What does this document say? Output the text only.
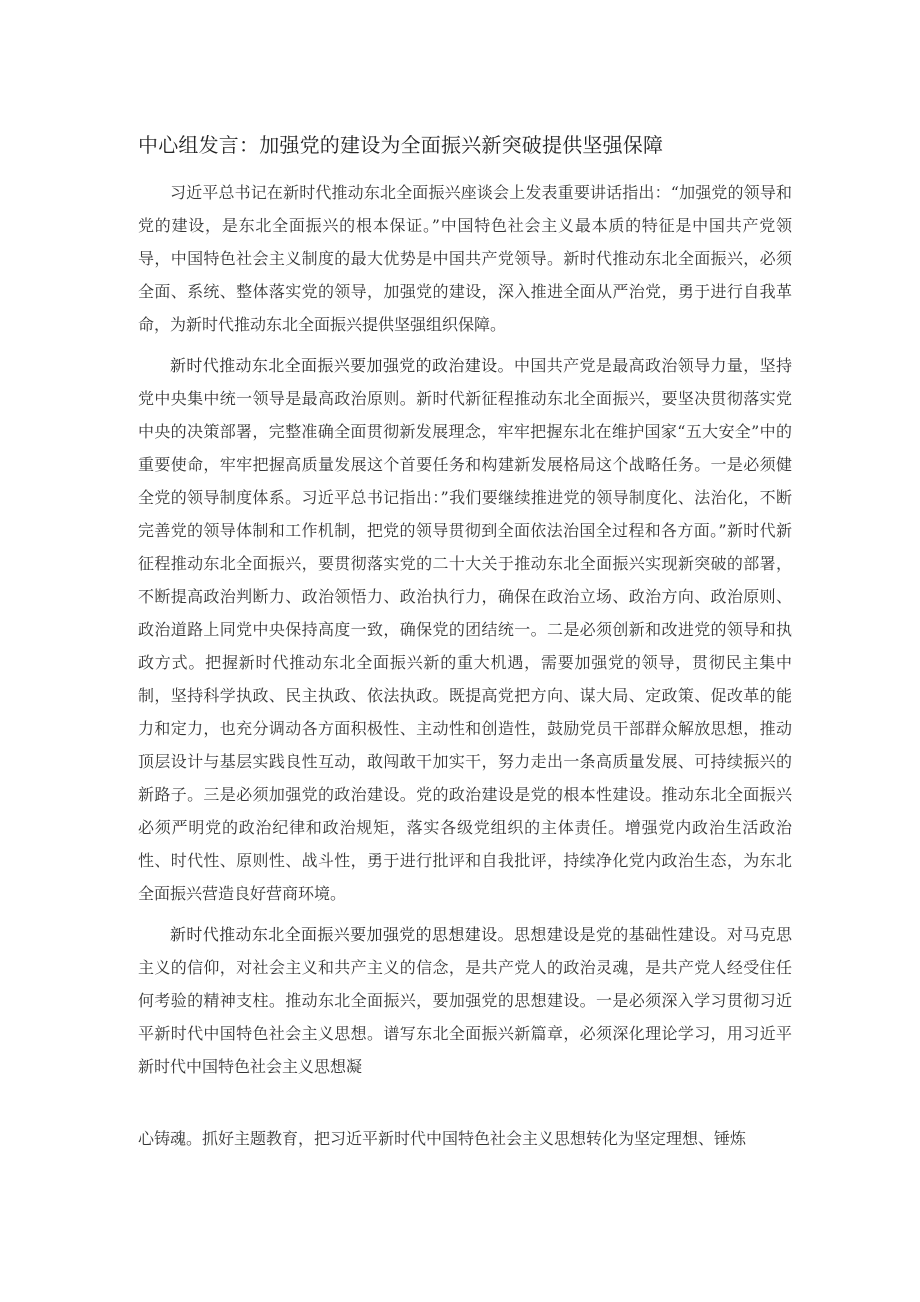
中心组发言：加强党的建设为全面振兴新突破提供坚强保障

习近平总书记在新时代推动东北全面振兴座谈会上发表重要讲话指出：“加强党的领导和党的建设，是东北全面振兴的根本保证。”中国特色社会主义最本质的特征是中国共产党领导，中国特色社会主义制度的最大优势是中国共产党领导。新时代推动东北全面振兴，必须全面、系统、整体落实党的领导，加强党的建设，深入推进全面从严治党，勇于进行自我革命，为新时代推动东北全面振兴提供坚强组织保障。

新时代推动东北全面振兴要加强党的政治建设。中国共产党是最高政治领导力量，坚持党中央集中统一领导是最高政治原则。新时代新征程推动东北全面振兴，要坚决贯彻落实党中央的决策部署，完整准确全面贯彻新发展理念，牢牢把握东北在维护国家“五大安全”中的重要使命，牢牢把握高质量发展这个首要任务和构建新发展格局这个战略任务。一是必须健全党的领导制度体系。习近平总书记指出：”我们要继续推进党的领导制度化、法治化，不断完善党的领导体制和工作机制，把党的领导贯彻到全面依法治国全过程和各方面。”新时代新征程推动东北全面振兴，要贯彻落实党的二十大关于推动东北全面振兴实现新突破的部署，不断提高政治判断力、政治领悟力、政治执行力，确保在政治立场、政治方向、政治原则、政治道路上同党中央保持高度一致，确保党的团结统一。二是必须创新和改进党的领导和执政方式。把握新时代推动东北全面振兴新的重大机遇，需要加强党的领导，贯彻民主集中制，坚持科学执政、民主执政、依法执政。既提高党把方向、谋大局、定政策、促改革的能力和定力，也充分调动各方面积极性、主动性和创造性，鼓励党员干部群众解放思想，推动顶层设计与基层实践良性互动，敢闯敢干加实干，努力走出一条高质量发展、可持续振兴的新路子。三是必须加强党的政治建设。党的政治建设是党的根本性建设。推动东北全面振兴必须严明党的政治纪律和政治规矩，落实各级党组织的主体责任。增强党内政治生活政治性、时代性、原则性、战斗性，勇于进行批评和自我批评，持续净化党内政治生态，为东北全面振兴营造良好营商环境。

新时代推动东北全面振兴要加强党的思想建设。思想建设是党的基础性建设。对马克思主义的信仰，对社会主义和共产主义的信念，是共产党人的政治灵魂，是共产党人经受住任何考验的精神支柱。推动东北全面振兴，要加强党的思想建设。一是必须深入学习贯彻习近平新时代中国特色社会主义思想。谱写东北全面振兴新篇章，必须深化理论学习，用习近平新时代中国特色社会主义思想凝

心铸魂。抓好主题教育，把习近平新时代中国特色社会主义思想转化为坚定理想、锤炼
